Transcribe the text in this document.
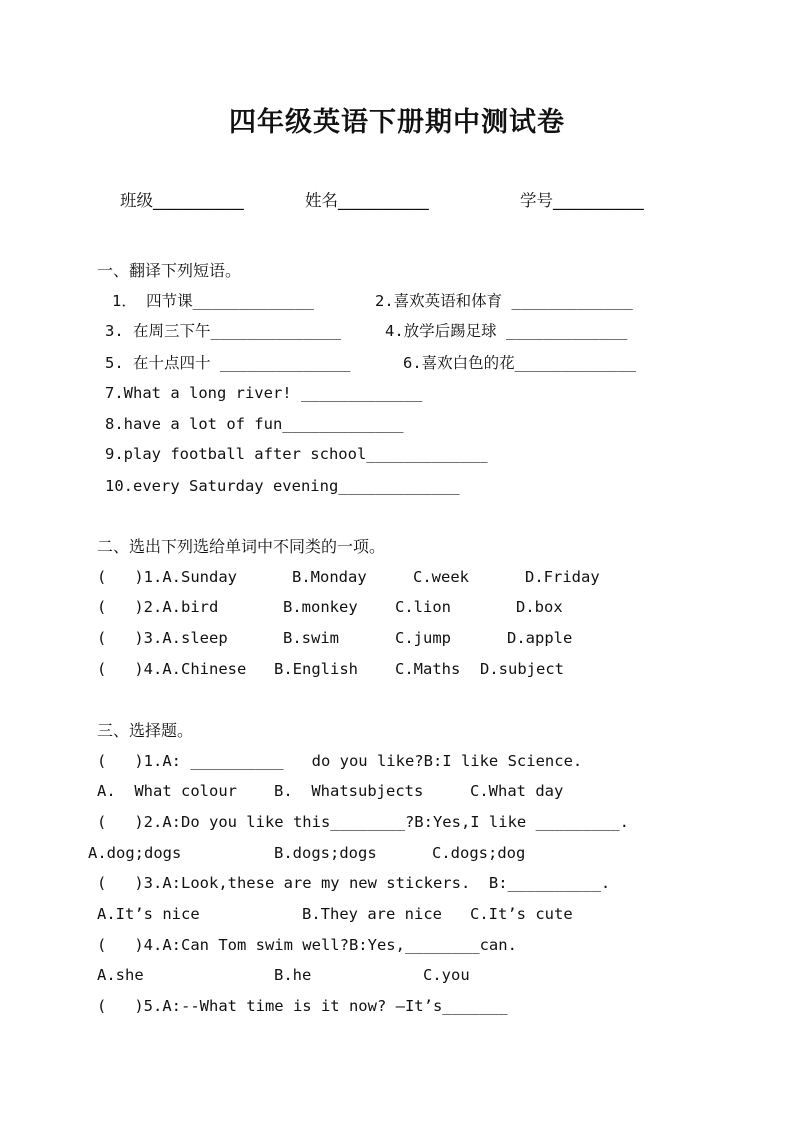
四年级英语下册期中测试卷
班级___________	姓名___________	学号___________
一、翻译下列短语。
1． 四节课_____________	2.喜欢英语和体育 _____________
3. 在周三下午______________	4.放学后踢足球 _____________
5. 在十点四十 ______________	6.喜欢白色的花_____________
7.What a long river! _____________
8.have a lot of fun_____________
9.play football after school_____________
10.every Saturday evening_____________
二、选出下列选给单词中不同类的一项。
(   )1.A.Sunday	B.Monday	C.week	D.Friday
(   )2.A.bird	B.monkey C.lion	D.box
(   )3.A.sleep	B.swim	C.jump	D.apple
(   )4.A.Chinese B.English C.Maths D.subject
三、选择题。
(   )1.A: __________   do you like?B:I like Science.
A.  What colour B.  Whatsubjects	C.What day
(   )2.A:Do you like this________?B:Yes,I like _________.
A.dog;dogs	B.dogs;dogs	C.dogs;dog
(   )3.A:Look,these are my new stickers.  B:__________.
A.It’s nice	B.They are nice C.It’s cute
(   )4.A:Can Tom swim well?B:Yes,________can.
A.she	B.he	C.you
(   )5.A:--What time is it now? –It’s_______
